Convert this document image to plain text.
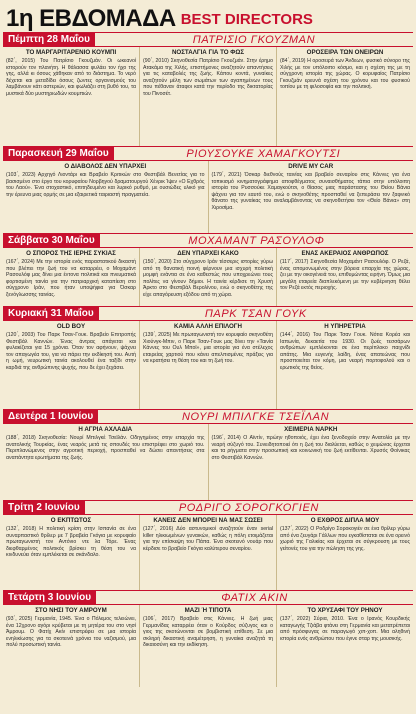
1η ΕΒΔΟΜΑΔΑ BEST DIRECTORS
Πέμπτη 28 Μαΐου	ΠΑΤΡΙΣΙΟ ΓΚΟΥΖΜΑΝ
ΤΟ ΜΑΡΓΑΡΙΤΑΡΕΝΙΟ ΚΟΥΜΠΙ
(82΄, 2015) Του Πατρίσιο Γκουζμάν. Οι ωκεανοί ιστορούν τον πλανήτη. Η θάλασσα φυλάει τον ήχο της γης, αλλά κι όσους χάθηκαν από το διάστημα. Το νερό δέχεται και μεταδίδει όσους ζωντες οργανισμούς του λαμβάνουν κάτι αστεριών, και φωλιάζει στη βυθό του, τα μυστικά δύο μυστηριωδών κουμπιών.
ΝΟΣΤΑΛΓΙΑ ΓΙΑ ΤΟ ΦΩΣ
(90΄, 2010) Σκηνοθεσία Πατρίσιο Γκουζμάν. Στην έρημο Ατακάμα της Χιλής, επιστήμονες αναζητούν απαντήσεις για τις καταβολές της ζωής. Κάπου κοντά, γυναίκες αναζητούν μέλη των σωμάτων των αγαπημένων τους που πέθαναν άταφοι κατά την περίοδο της δικτατορίας του Πινοσέτ.
ΟΡΟΣΕΙΡΑ ΤΩΝ ΟΝΕΙΡΩΝ
(84΄, 2019) Η οροσειρά των Άνδεων, φυσικό σύνορο της Χιλής με τον υπόλοιπο κόσμο, και η σχέση της με τη σύγχρονη ιστορία της χώρας. Ο κορυφαίος Πατρίσιο Γκουζμάν ερευνά σχέση του χρόνου και του φυσικού τοπίου με τη φιλοσοφία και την πολιτική.
Παρασκευή 29 Μαΐου	ΡΙΟΥΣΟΥΚΕ ΧΑΜΑΓΚΟΥΤΣΙ
Ο ΔΙΑΒΟΛΟΣ ΔΕΝ ΥΠΑΡΧΕΙ
(103΄, 2023) Αρχηγό Λιοντάρι και Βραβείο Κριτικών στο Φεστιβάλ Βενετίας για το βασισμένο στο έργο του κορυφαίου Νορβηγού δραματουργού Χένρικ Ίψεν «Ο Εχθρός του Λαού». Ένα στοχαστικό, επιτηδευμένο και λυρικό ρυθμό, με ουσιώδες υλικό για την έρευνα μιας ορμής σε μια εξαιρετικά ταιριαστή πραγματεία.
DRIVE MY CAR
(179΄, 2021) Όσκαρ διεθνούς ταινίας και βραβείο σεναρίου στις Κάννες για ένα τοπικισμό κινηματογράφημα αποφθέγματος συναισθήματος τάπια στην υπόλοιπη ιστορία του Ρυσσούκε Χαμαγκούτσι, ο θίασος μιας παράστασης του Θείου Βάνια ψάχνει για τον εαυτό του, ενώ ο σκηνοθέτης προσπαθεί να ξεπεράσει τον ξαφνικό θάνατο της γυναίκας του αναλαμβάνοντας να σκηνοθετήσει τον «Θείο Βάνια» στη Χιροσίμα.
Σάββατο 30 Μαΐου	ΜΟΧΑΜΑΝΤ ΡΑΣΟΥΛΟΦ
Ο ΣΠΟΡΟΣ ΤΗΣ ΙΕΡΗΣ ΣΥΚΙΑΣ
(167΄, 2024) Με την ιστορία ενός παραστατικού δικαστή που βλέπει την ζωή του να καταρρέει, ο Μοχαμάντ Ρασουλόφ μας δίνει μια έντονα πολιτικά και πνευματικά φορτισμένη ταινία για την πατριαρχική καταπίεση στο σύγχρονο Ιράν, που ήταν υποψήφια για Όσκαρ ξενόγλωσσης ταινίας.
ΔΕΝ ΥΠΑΡΧΕΙ ΚΑΚΟ
(150΄, 2020) Στο σύγχρονο Ιράν τέσσερις ιστορίες γύρω από τη θανατική ποινή φέρνουν μια ισχυρή πολιτική μομφή ενάντια σε ένα καθεστώς που υποχρεώνει τους πολίτες να γίνουν δήμιοι. Η ταινία κέρδισε τη Χρυσή Άρκτο στο Φεστιβάλ Βερολίνου, ενώ ο σκηνοθέτης της είχε απαγόρευση εξόδου από τη χώρα.
ΕΝΑΣ ΑΚΕΡΑΙΟΣ ΑΝΘΡΩΠΟΣ
(117΄, 2017) Σκηνοθεσία Μοχαμάντ Ρασουλόφ. Ο Ρεζά, ένας απομονωμένος στην βόρεια επαρχία της χώρας, ζει με την οικογένειά του, επιθυμώντας ειρήνη. Όμως μια μεγάλη εταιρεία διαπλεκόμενη με την κυβέρνηση θέλει τον Ρεζά εκτός περιοχής.
Κυριακή 31 Μαΐου	ΠΑΡΚ ΤΣΑΝ ΓΟΥΚ
OLD BOY
(120΄, 2003) Του Παρκ Τσαν-Γουκ. Βραβείο Επιτροπής Φεστιβάλ Καννών. Ένας άντρας απάγεται και φυλακίζεται για 15 χρόνια. Όταν τον αφήνουν, ψάχνει τον απαγωγέα του, για να πάρει την εκδίκησή του. Αυτή η ωμή, νευρωτική ταινία ακολουθεί ένα ταξίδι στην καρδιά της ανθρώπινης ψυχής, που δε έχει ξεχάσει.
ΚΑΜΙΑ ΑΛΛΗ ΕΠΙΛΟΓΗ
(139΄, 2025) Με πρωταγωνιστή τον κορυφαίο σκηνοθέτη Χιούνγκ-Μπιν, ο Παρκ Τσαν-Γουκ μας δίνει την «Ταινία Κάννες του Ουλ Μποϊ», μια ιστορία για ένα στέλεχος εταιρείας χαρτιού που κάνει απελπισμένες πράξεις για να κρατήσει τη θέση του και τη ζωή του.
Η ΥΠΗΡΕΤΡΙΑ
(144΄, 2016) Του Παρκ Τσαν Γουκ. Νότια Κορέα και Ιαπωνία, δεκαετία του 1930. Οι ζωές τεσσάρων ανθρώπων εμπλέκονται σε ένα περίπλοκο παιχνίδι απάτης. Μια ευγενής λαίδη, ένας απατεώνας που προσποιείται τον κόμη, μια νεαρή πορτοφολού και ο ερωτικός της θείος.
Δευτέρα 1 Ιουνίου	ΝΟΥΡΙ ΜΠΙΛΓΚΕ ΤΣΕΪΛΑΝ
Η ΑΓΡΙΑ ΑΧΛΑΔΙΑ
(188΄, 2018) Σκηνοθεσία: Νουρί Μπιλγκέ Τσεϊλάν. Οδηγημένος στην επαρχία της ανατολικής Τουρκίας, ένας νεαρός μετά τις σπουδές του επιστρέφει στο χωριό του. Περιπλανώμενος στην αγροτική περιοχή, προσπαθεί να δώσει απαντήσεις στα αναπάντητα ερωτήματα της ζωής.
ΧΕΙΜΕΡΙΑ ΝΑΡΚΗ
(196΄, 2014) Ο Αϊντίν, πρώην ηθοποιός, έχει ένα ξενοδοχείο στην Ανατολία με την νεαρή σύζυγό του. Συνειδητοποιεί ότι η ζωή του διαλύεται, καθώς ο χειμώνας έρχεται και τα ρήγματα στην προσωπική και κοινωνική του ζωή εκτίθενται. Χρυσός Φοίνικας στο Φεστιβάλ Καννών.
Τρίτη 2 Ιουνίου	ΡΟΔΡΙΓΟ ΣΟΡΟΓΚΟΓΙΕΝ
Ο ΕΚΠΤΩΤΟΣ
(132΄, 2018) Η πολιτική κρίση στην Ισπανία σε ένα συναρπαστικό θρίλερ με 7 βραβεία Γκόγια με κορυφαίο πρωταγωνιστή τον Αντόνιο ντε λα Τόρε. Ένας διεφθαρμένος πολιτικός βρίσκει τη θέση του να κινδυνεύει όταν εμπλέκεται σε σκάνδαλο.
ΚΑΝΕΙΣ ΔΕΝ ΜΠΟΡΕΙ ΝΑ ΜΑΣ ΣΩΣΕΙ
(127΄, 2016) Δύο αστυνομικοί αναζητούν έναν serial killer ηλικιωμένων γυναικών, καθώς η πόλη ετοιμάζεται για την επίσκεψη του Πάπα. Ένα σκοτεινό νουάρ που κέρδισε το βραβείο Γκόγια καλύτερου σεναρίου.
Ο ΕΧΘΡΟΣ ΔΙΠΛΑ ΜΟΥ
(137΄, 2022) Ο Ροδρίγο Σοροκογιέν σε ένα θρίλερ γύρω από ένα ζευγάρι Γάλλων που εγκαθίσταται σε ένα ορεινό χωριό της Γαλικίας και έρχεται σε σύγκρουση με τους γείτονές του για την πώληση της γης.
Τετάρτη 3 Ιουνίου	ΦΑΤΙΧ ΑΚΙΝ
ΣΤΟ ΝΗΣΙ ΤΟΥ ΑΜΡΟΥΜ
(93΄, 2025) Γερμανία, 1945. Ένα ο Πόλεμος τελειώνει, ένα 12χρονο αγόρι κρύβεται με τη μητέρα του στο νησί Άμρουμ. Ο Φατίχ Ακίν επιστρέφει σε μια ιστορία ενηλικίωσης για τα σκοτεινά χρόνια του ναζισμού, μια πολύ προσωπική ταινία.
ΜΑΖΙ Ή ΤΙΠΟΤΑ
(106΄, 2017) Βραβείο στις Κάννες. Η ζωή μιας Γερμανίδας καταρρέει όταν ο Κούρδος σύζυγος και ο γιος της σκοτώνονται σε βομβιστική επίθεση. Σε μια σκληρή δικαστική αναμέτρηση, η γυναίκα αναζητά τη δικαιοσύνη και την εκδίκηση.
ΤΟ ΧΡΥΣΑΦΙ ΤΟΥ ΡΗΝΟΥ
(137΄, 2022) Σύρια, 2010. Ένα ο Ιρανός Κουρδικής καταγωγής Τζιάβα φτάνει στη Γερμανία και μετατρέπεται από πρόσφυγας σε παραγωγό χιπ-χοπ. Μια αληθινή ιστορία ενός ανθρώπου που έγινε σταρ της μουσικής.
